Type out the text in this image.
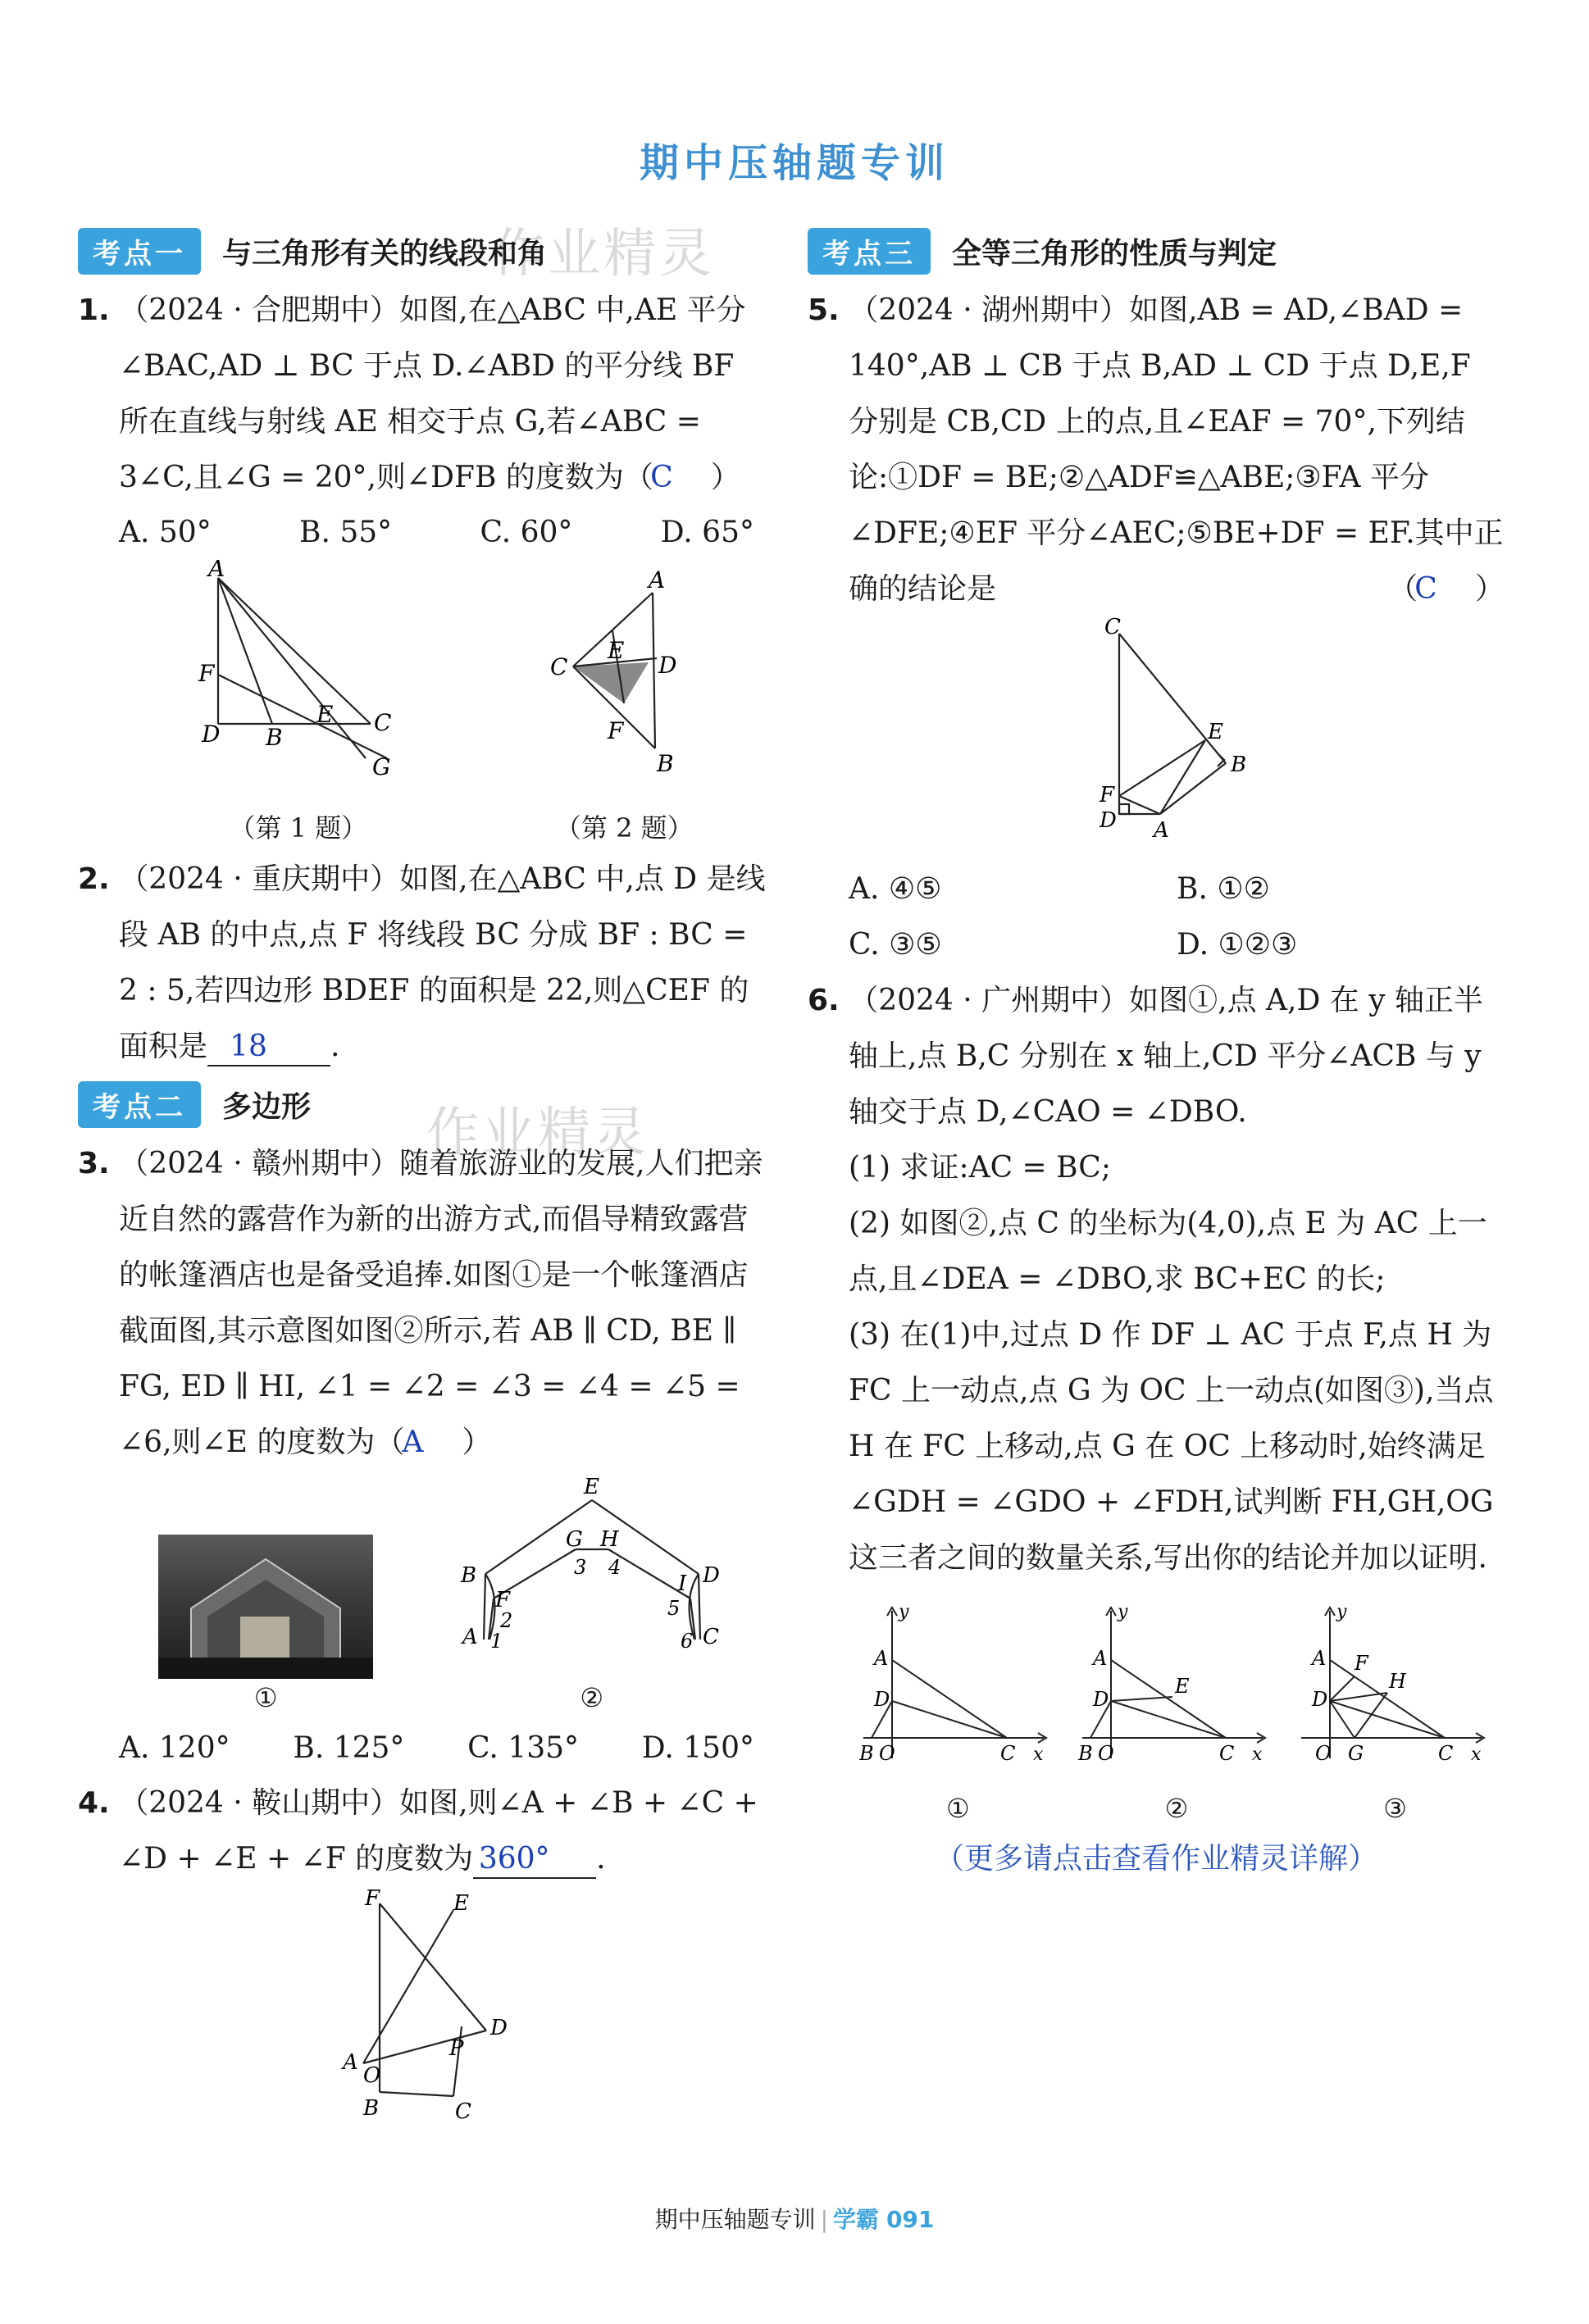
期中压轴题专训
作业精灵
作业精灵
考点一	与三角形有关的线段和角

1. （2024 · 合肥期中）如图,在△ABC 中,AE 平分∠BAC,AD ⊥ BC 于点 D.∠ABD 的平分线 BF 所在直线与射线 AE 相交于点 G,若∠ABC = 3∠C,且∠G = 20°,则∠DFB 的度数为（C ）

A. 50°	B. 55°	C. 60°	D. 65°
A
F
D B
E C
G
（第 1 题）
A
C
E
D
F
B
（第 2 题）

2. （2024 · 重庆期中）如图,在△ABC 中,点 D 是线段 AB 的中点,点 F 将线段 BC 分成 BF : BC = 2 : 5,若四边形 BDEF 的面积是 22,则△CEF 的面积是 18 .

考点二	多边形

3. （2024 · 赣州期中）随着旅游业的发展,人们把亲近自然的露营作为新的出游方式,而倡导精致露营的帐篷酒店也是备受追捧.如图①是一个帐篷酒店截面图,其示意图如图②所示,若 AB ∥ CD, BE ∥ FG, ED ∥ HI, ∠1 = ∠2 = ∠3 = ∠4 = ∠5 = ∠6,则∠E 的度数为（A ）

①
E
B	D
F
G H
I
A	C
2
1
3 4
5
6
②
A. 120° B. 125° C. 135° D. 150°

4. （2024 · 鞍山期中）如图,则∠A + ∠B + ∠C + ∠D + ∠E + ∠F 的度数为 360° .

F	E
D
P
A
O
B	C
考点三	全等三角形的性质与判定

5. （2024 · 湖州期中）如图,AB = AD,∠BAD = 140°,AB ⊥ CB 于点 B,AD ⊥ CD 于点 D,E,F 分别是 CB,CD 上的点,且∠EAF = 70°,下列结论:①DF = BE;②△ADF≌△ABE;③FA 平分∠DFE;④EF 平分∠AEC;⑤BE+DF = EF.其中正确的结论是	（C ）

C
E
B
F
D A
A. ④⑤	B. ①②
C. ③⑤	D. ①②③

6. （2024 · 广州期中）如图①,点 A,D 在 y 轴正半轴上,点 B,C 分别在 x 轴上,CD 平分∠ACB 与 y 轴交于点 D,∠CAO = ∠DBO.

(1) 求证:AC = BC;

(2) 如图②,点 C 的坐标为(4,0),点 E 为 AC 上一点,且∠DEA = ∠DBO,求 BC+EC 的长;

(3) 在(1)中,过点 D 作 DF ⊥ AC 于点 F,点 H 为 FC 上一动点,点 G 为 OC 上一动点(如图③),当点 H 在 FC 上移动,点 G 在 OC 上移动时,始终满足∠GDH = ∠GDO + ∠FDH,试判断 FH,GH,OG 这三者之间的数量关系,写出你的结论并加以证明.

y
A
D
B O	C x
①
y
A
D
E
B O	C x
②
y
A F
H
D
O G	C x
③
（更多请点击查看作业精灵详解）
期中压轴题专训 | 学霸 091
